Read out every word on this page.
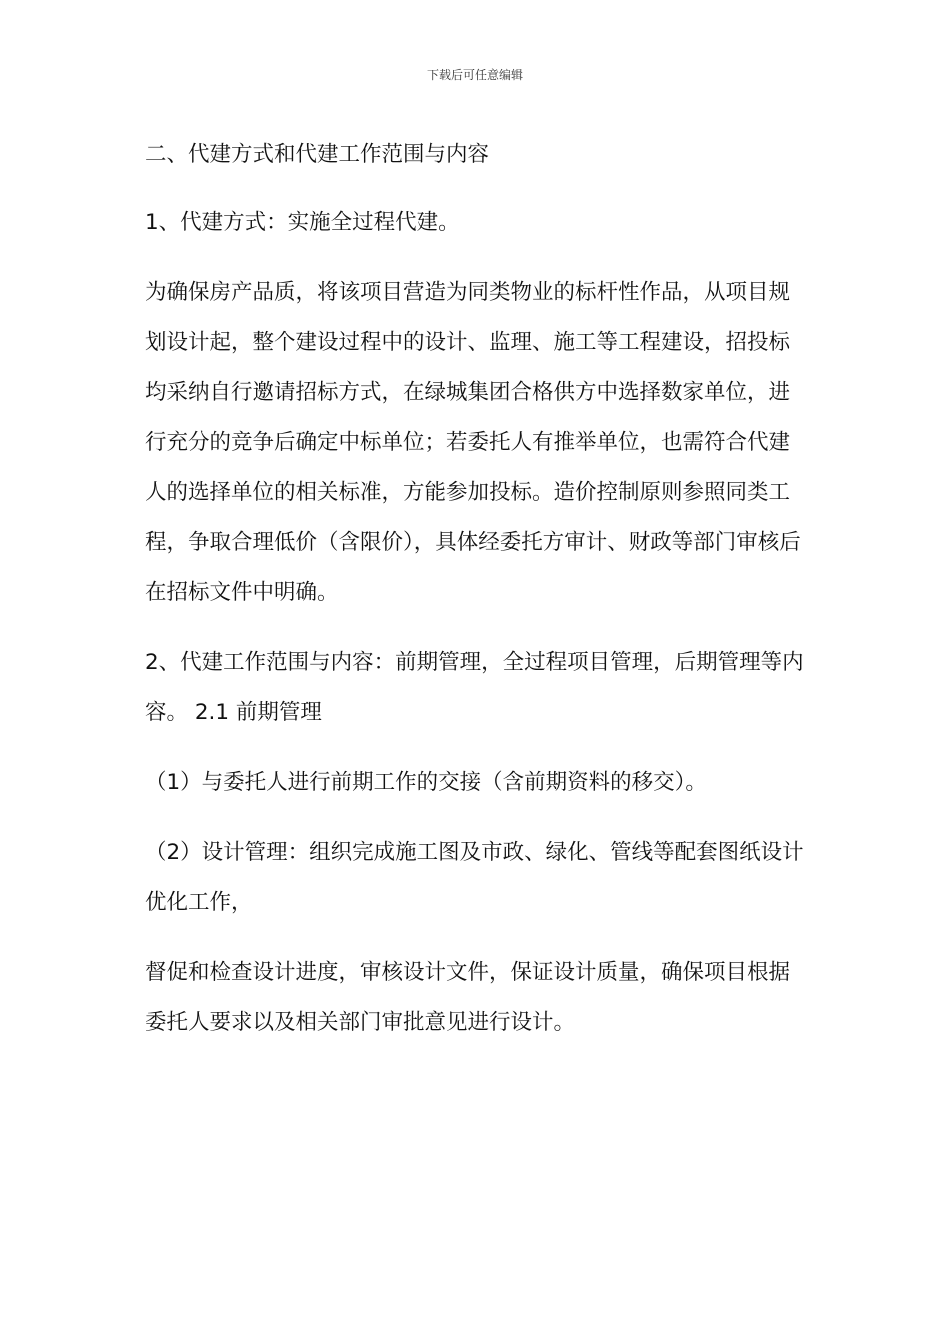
下载后可任意编辑

二、代建方式和代建工作范围与内容

1、代建方式：实施全过程代建。

为确保房产品质，将该项目营造为同类物业的标杆性作品，从项目规划设计起，整个建设过程中的设计、监理、施工等工程建设，招投标均采纳自行邀请招标方式，在绿城集团合格供方中选择数家单位，进行充分的竞争后确定中标单位；若委托人有推举单位，也需符合代建人的选择单位的相关标准，方能参加投标。造价控制原则参照同类工程，争取合理低价（含限价），具体经委托方审计、财政等部门审核后在招标文件中明确。

2、代建工作范围与内容：前期管理，全过程项目管理，后期管理等内容。 2.1 前期管理

（1）与委托人进行前期工作的交接（含前期资料的移交）。

（2）设计管理：组织完成施工图及市政、绿化、管线等配套图纸设计优化工作，

督促和检查设计进度，审核设计文件，保证设计质量，确保项目根据委托人要求以及相关部门审批意见进行设计。
